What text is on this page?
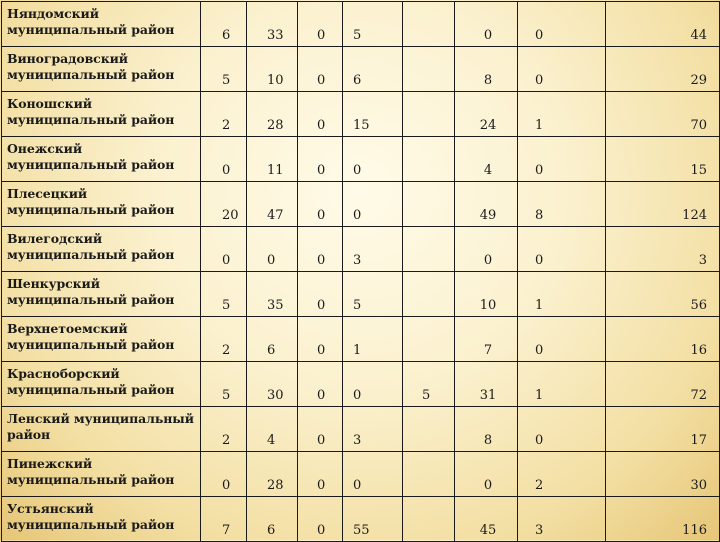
Няндомский муниципальный район	6	33	0	5		0	0	44
Виноградовский муниципальный район	5	10	0	6		8	0	29
Коношский муниципальный район	2	28	0	15		24	1	70
Онежский муниципальный район	0	11	0	0		4	0	15
Плесецкий муниципальный район	20	47	0	0		49	8	124
Вилегодский муниципальный район	0	0	0	3		0	0	3
Шенкурский муниципальный район	5	35	0	5		10	1	56
Верхнетоемский муниципальный район	2	6	0	1		7	0	16
Красноборский муниципальный район	5	30	0	0	5	31	1	72
Ленский муниципальный район	2	4	0	3		8	0	17
Пинежский муниципальный район	0	28	0	0		0	2	30
Устьянский муниципальный район	7	6	0	55		45	3	116
